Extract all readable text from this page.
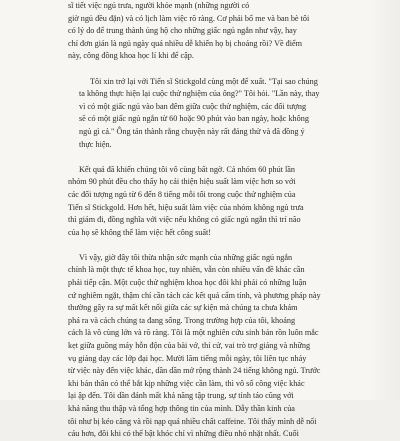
sĩ tiết việc ngủ trưa, người khỏe mạnh (những người có
giờ ngủ đều đặn) và có lịch làm việc rõ ràng. Cơ phải bổ me và ban bè tôi
có lý do để trung thành ủng hộ cho những giấc ngủ ngắn như vậy, hay
chỉ đơn giản là ngủ ngày quá nhiều dễ khiến họ bị choáng rồi? Về điểm
này, công đồng khoa học lí khi để cập.
Tôi xin trở lại với Tiến sĩ Stickgold cùng một để xuất. "Tại sao chúng
ta không thực hiện lại cuộc thử nghiệm của ông?" Tôi hỏi. "Lần này, thay
vì có một giấc ngủ vào ban đêm giữa cuộc thử nghiệm, các đối tượng
sẽ có một giấc ngủ ngắn từ 60 hoặc 90 phút vào ban ngày, hoặc không
ngủ gì cả." Ông tán thành rằng chuyện này rất đáng thử và đã đồng ý
thực hiện.
Kết quả đã khiến chúng tôi vô cùng bất ngờ. Cả nhóm 60 phút lần
nhóm 90 phút đều cho thấy họ cải thiện hiệu suất làm việc hơn so với
các đối tượng ngủ từ 6 đến 8 tiếng mỗi tối trong cuộc thử nghiệm của
Tiến sĩ Stickgold. Hơn hết, hiệu suất làm việc của nhóm không ngủ trưa
thì giảm đi, đồng nghĩa với việc nếu không có giấc ngủ ngắn thì trí não
của họ sẽ không thể làm việc hết công suất!
Vì vậy, giờ đây tôi thừa nhận sức mạnh của những giấc ngủ ngắn
chính là một thực tế khoa học, tuy nhiên, vẫn còn nhiều vấn đề khác cần
phải tiếp cận. Một cuộc thử nghiệm khoa học đôi khi phải có những luận
cứ nghiêm ngặt, thậm chí cần tách các kết quả cẩm tính, và phương pháp này
thường gây ra sự mất kết nối giữa các sự kiện mà chúng ta chưa khám
phá ra và cách chúng ta đang sống. Trong trường hợp của tôi, khoảng
cách là vô cùng lớn và rõ ràng. Tôi là một nghiên cứu sinh bán rồn luôn mắc
kẹt giữa guồng máy hỗn độn của bài vở, thí cử, vai trò trợ giảng và những
vụ giảng dạy các lớp đại học. Mười lăm tiếng mỗi ngày, tôi liên tục nhảy
từ việc này đến việc khác, dần dần mở rộng thành 24 tiếng không ngủ. Trước
khi bản thân có thể bắt kịp những việc cần làm, thì vô số công việc khác
lại ập đến. Tôi dần đánh mất khả năng tập trung, sự tỉnh táo cũng với
khả năng thu thập và tổng hợp thông tin của mình. Dẫy thần kinh của
tôi như bị kéo căng và rồi nạp quá nhiều chất caffeine. Tôi thấy mình dễ nổi
cáu hơn, đôi khi có thể bật khóc chỉ vì những điều nhỏ nhặt nhất. Cuối
